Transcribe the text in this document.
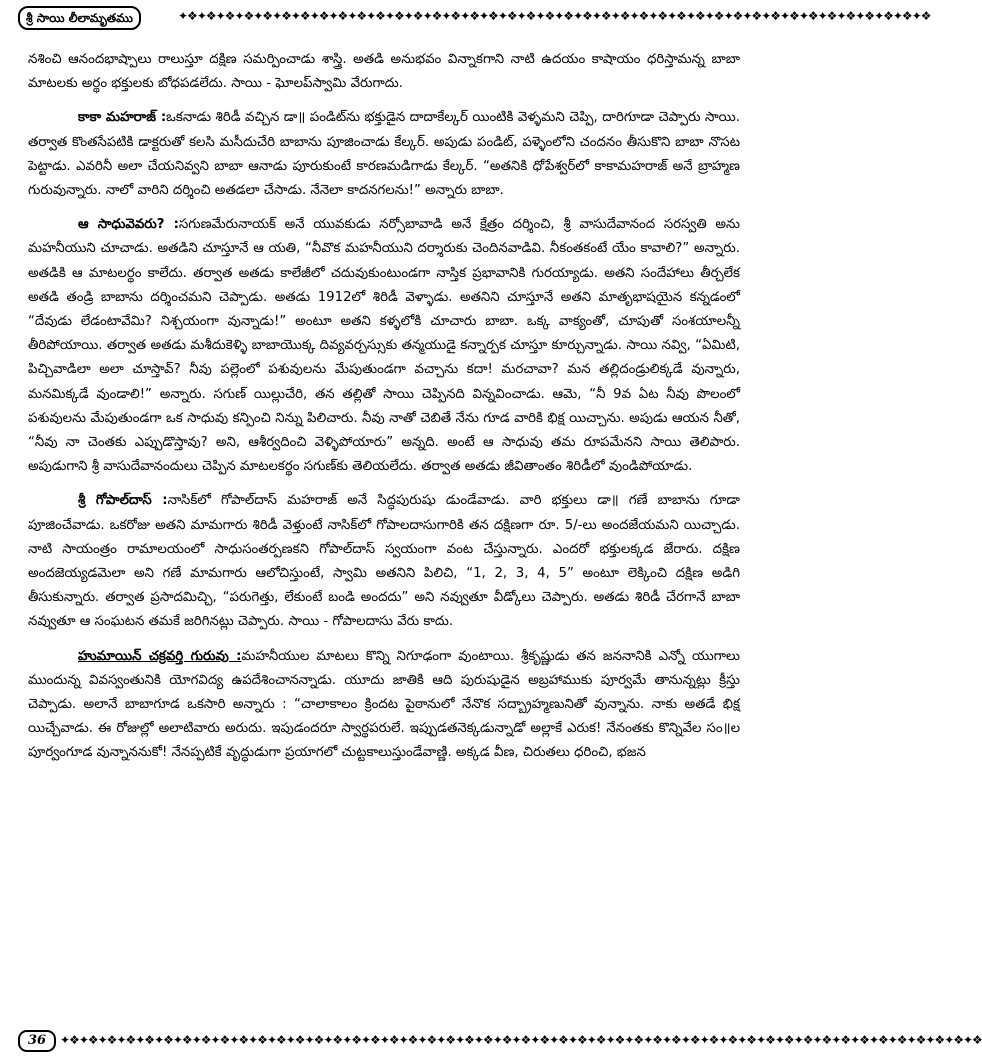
✦❖✦❖✦❖✦❖✦❖✦❖✦❖✦❖✦❖✦❖✦❖✦❖✦❖✦❖✦❖✦❖✦❖✦❖✦❖✦❖✦❖✦❖✦❖✦❖✦❖✦❖✦❖✦❖✦❖✦❖✦❖✦❖✦❖✦❖✦❖✦❖✦❖✦❖✦❖✦❖
శ్రీ సాయి లీలామృతము

నశించి ఆనందభాష్పాలు రాలుస్తూ దక్షిణ సమర్పించాడు శాస్త్రి. అతడి అనుభవం విన్నాకగాని నాటి ఉదయం కాషాయం ధరిస్తామన్న బాబా మాటలకు అర్థం భక్తులకు బోధపడలేదు. సాయి - ఘోలప్‌స్వామి వేరుగాదు.

కాకా మహరాజ్ :ఒకనాడు శిరిడీ వచ్చిన డా॥ పండిట్‌ను భక్తుడైన దాదాకేల్కర్ యింటికి వెళ్ళమని చెప్పి, దారిగూడా చెప్పారు సాయి. తర్వాత కొంతసేపటికి డాక్టరుతో కలసి మసీదుచేరి బాబాను పూజించాడు కేల్కర్. అపుడు పండిట్, పళ్ళెంలోని చందనం తీసుకొని బాబా నొసట పెట్టాడు. ఎవరినీ అలా చేయనివ్వని బాబా ఆనాడు పూరుకుంటే కారణమడిగాడు కేల్కర్. “అతనికి ధోపేశ్వర్‌లో కాకామహరాజ్ అనే బ్రాహ్మణ గురువున్నారు. నాలో వారిని దర్శించి అతడలా చేసాడు. నేనెలా కాదనగలను!” అన్నారు బాబా.

ఆ సాధువెవరు? :సగుణమేరునాయక్ అనే యువకుడు నర్సోబావాడి అనే క్షేత్రం దర్శించి, శ్రీ వాసుదేవానంద సరస్వతి అను మహనీయుని చూచాడు. అతడిని చూస్తూనే ఆ యతి, “నీవొక మహనీయుని దర్శారుకు చెందినవాడివి. నీకంతకంటే యేం కావాలి?” అన్నారు. అతడికి ఆ మాటలర్థం కాలేదు. తర్వాత అతడు కాలేజీలో చదువుకుంటుండగా నాస్తిక ప్రభావానికి గురయ్యాడు. అతని సందేహాలు తీర్చలేక అతడి తండ్రి బాబాను దర్శించమని చెప్పాడు. అతడు 1912లో శిరిడీ వెళ్ళాడు. అతనిని చూస్తూనే అతని మాతృభాషయైన కన్నడంలో “దేవుడు లేడంటావేమి? నిశ్చయంగా వున్నాడు!” అంటూ అతని కళ్ళలోకి చూచారు బాబా. ఒక్క వాక్యంతో, చూపుతో సంశయాలన్నీ తీరిపోయాయి. తర్వాత అతడు మశీదుకెళ్ళి బాబాయొక్క దివ్యవర్చస్సుకు తన్మయుడై కన్నార్పక చూస్తూ కూర్చున్నాడు. సాయి నవ్వి, “ఏమిటి, పిచ్చివాడిలా అలా చూస్తావ్? నీవు పల్లెంలో పశువులను మేపుతుండగా వచ్చాను కదా! మరచావా? మన తల్లిదండ్రులిక్కడే వున్నారు, మనమిక్కడే వుండాలి!” అన్నారు. సగుణ్ యిల్లుచేరి, తన తల్లితో సాయి చెప్పినది విన్నవించాడు. ఆమె, “నీ 9వ ఏట నీవు పొలంలో పశువులను మేపుతుండగా ఒక సాధువు కన్పించి నిన్ను పిలిచారు. నీవు నాతో చెబితే నేను గూడ వారికి భిక్ష యిచ్చాను. అపుడు ఆయన నీతో, “నీవు నా చెంతకు ఎప్పుడొస్తావు? అని, ఆశీర్వదించి వెళ్ళిపోయారు” అన్నది. అంటే ఆ సాధువు తమ రూపమేనని సాయి తెలిపారు. అపుడుగాని శ్రీ వాసుదేవానందులు చెప్పిన మాటలకర్థం సగుణ్‌కు తెలియలేదు. తర్వాత అతడు జీవితాంతం శిరిడీలో వుండిపోయాడు.

శ్రీ గోపాల్‌దాస్ :నాసిక్‌లో గోపాల్‌దాస్ మహరాజ్ అనే సిద్ధపురుషు డుండేవాడు. వారి భక్తులు డా॥ గణే బాబాను గూడా పూజించేవాడు. ఒకరోజు అతని మామగారు శిరిడీ వెళ్తుంటే నాసిక్‌లో గోపాలదాసుగారికి తన దక్షిణగా రూ. 5/-లు అందజేయమని యిచ్చాడు. నాటి సాయంత్రం రామాలయంలో సాధుసంతర్పణకని గోపాల్‌దాస్ స్వయంగా వంట చేస్తున్నారు. ఎందరో భక్తులక్కడ జేరారు. దక్షిణ అందజెయ్యడమెలా అని గణే మామగారు ఆలోచిస్తుంటే, స్వామి అతనిని పిలిచి, “1, 2, 3, 4, 5” అంటూ లెక్కించి దక్షిణ అడిగి తీసుకున్నారు. తర్వాత ప్రసాదమిచ్చి, “పరుగెత్తు, లేకుంటే బండి అందదు” అని నవ్వుతూ వీడ్కోలు చెప్పారు. అతడు శిరిడీ చేరగానే బాబా నవ్వుతూ ఆ సంఘటన తమకే జరిగినట్లు చెప్పారు. సాయి - గోపాలదాసు వేరు కాదు.

హుమాయిన్ చక్రవర్తి గురువు :మహనీయుల మాటలు కొన్ని నిగూఢంగా వుంటాయి. శ్రీకృష్ణుడు తన జననానికి ఎన్నో యుగాలు ముందున్న వివస్వంతునికి యోగవిద్య ఉపదేశించానన్నాడు. యూదు జాతికి ఆది పురుషుడైన అబ్రహాముకు పూర్వమే తానున్నట్లు క్రీస్తు చెప్పాడు. అలానే బాబాగూడ ఒకసారి అన్నారు : “చాలాకాలం క్రిందట పైఠానులో నేనొక సద్బ్రాహ్మణునితో వున్నాను. నాకు అతడే భిక్ష యిచ్చేవాడు. ఈ రోజుల్లో అలాటివారు అరుదు. ఇపుడందరూ స్వార్థపరులే. ఇప్పుడతనెక్కడున్నాడో అల్లాకే ఎరుక! నేనంతకు కొన్నివేల సం॥ల పూర్వంగూడ వున్నాననుకో! నేనప్పటికే వృద్ధుడుగా ప్రయాగలో చుట్టకాలుస్తుండేవాణ్ణి. అక్కడ వీణ, చిరుతలు ధరించి, భజన

36	✦❖✦❖✦❖✦❖✦❖✦❖✦❖✦❖✦❖✦❖✦❖✦❖✦❖✦❖✦❖✦❖✦❖✦❖✦❖✦❖✦❖✦❖✦❖✦❖✦❖✦❖✦❖✦❖✦❖✦❖✦❖✦❖✦❖✦❖✦❖✦❖✦❖✦❖✦❖✦❖✦❖✦❖✦❖✦❖✦❖✦❖✦❖✦❖✦❖
